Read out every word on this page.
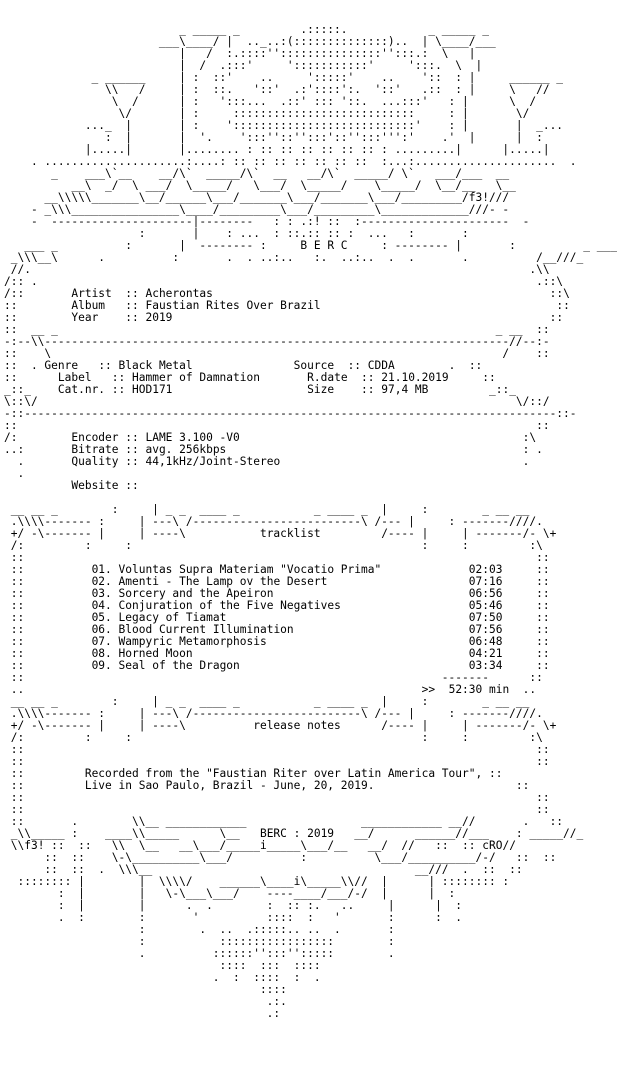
_ _____ _         .:::::.            _ _____ _
___\____/ |  .._..:(::::::::::::::)..  | \____/___
|   /  :.::::'':::::::::::::::'':::.:  \   |
|  /  .:::'     ':::::::::::'     ':::.  \  |
_ ______     | :  ::'    ..     ':::::'    ..    '::  : |     ______ _
\\   /     | :  ::.   '::'  .:'::::':.  '::'   .::  : |     \   //
\  /      | :   ':::...  .::' ::: '::.  ...:::'   : |      \  /
\/       | :     :::::::::::::::::::::::::::     : |       \/
..._  |       | :    ':::::::::::::::::::::::::::'    : |       |  _...
:  |       |  '.    ':::''::'':::'::'':::''':'    .'  |      |  :
|.....|       |........ : :: :: :: :: :: :: : .........|      |.....|
. .....................:....: :: :: :: :: :: :: ::  :...:.....................  .
_    ___\`__    __/\`  _____/\`  __   __/\`  _____/ \`   ___/___  __
__\  _/  \ ___/  \_____/   \___/  \_____/    \_____/  \__/__   \__
__\\\\\_______\__/______\___/_______\___/_______\___/_________/f3!///
- _\\\________________\____/_________\___/_________\_____________///- -
-  ---------------------|--------   : : .:! ::  :----------------------  -
:       |    : ...  : ::.:: :: :  ...   :       :
___ _          :       |  -------- :     B E R C     : -------- |       :          _ ___
_\\\__\      .          :       .  . ..:..   :.  ..:..  .  .       .          /__///_
//.                                                                          .\\
/:: .                                                                          .::\
/::       Artist  :: Acherontas                                                  ::\
::        Album   :: Faustian Rites Over Brazil                                   ::
::        Year    :: 2019                                                        ::
::  __ _                                                                 _ __  ::
-:--\\---------------------------------------------------------------------//--:-
::    \                                                                   /    ::
::  . Genre   :: Black Metal	Source  :: CDDA        .  ::
::      Label   :: Hammer of Damnation	R.date  :: 21.10.2019     ::
_::_    Cat.nr. :: HOD171	Size    :: 97,4 MB         _::_
\::\/                                                                       \/::/
-::-------------------------------------------------------------------------------::-
::                                                                             ::
/:        Encoder :: LAME 3.100 -V0                                          :\
..:       Bitrate :: avg. 256kbps                                            : .
.       Quality :: 44,1kHz/Joint-Stereo                                    .
.
Website ::

__ __ _        :     | _ _  ____ _           _ ____ _  |     :        _ __ __
.\\\\------- :     | ---\ /-------------------------\ /--- |     : -------////.
+/ -\------- |     | ----\           tracklist         /---- |     | -------/- \+
/:         :     :                                           :     :         :\
::                                                                            ::
::          01. Voluntas Supra Materiam "Vocatio Prima"	02:03     ::
::          02. Amenti - The Lamp ov the Desert	07:16     ::
::          03. Sorcery and the Apeiron	06:56     ::
::          04. Conjuration of the Five Negatives	05:46     ::
::          05. Legacy of Tiamat	07:50     ::
::          06. Blood Current Illumination	07:56     ::
::          07. Wampyric Metamorphosis	06:48     ::
::          08. Horned Moon	04:21     ::
::          09. Seal of the Dragon	03:34     ::
::                                                              -------      ::
..                                                           >> 52:30 min  ..
__ __ _        :     | _ _  ____ _           _ ____ _  |     :        _ __ __
.\\\\------- :     | ---\ /-------------------------\ /--- |     : -------////.
+/ -\------- |     | ----\          release notes      /---- |     | -------/- \+
/:         :     :                                           :     :         :\
::                                                                            ::
::                                                                            ::
::         Recorded from the "Faustian Riter over Latin America Tour", ::
::         Live in Sao Paulo, Brazil - June, 20, 2019.                     ::
::                                                                            ::
::                                                                            ::
::       .        \\__ ____________                 ____________ __//       .   ::
_\\_____ :    ____\\_____      \__   BERC : 2019   __/      ______//___    : _____//_
\\f3! ::  ::   \\  \__   __\___/_____i_____\___/__   __/  //   ::  :: cRO//
::  ::    \-\__________\___/          :          \___/__________/-/   ::  ::
::  ::  .  \\\__                                       __///  .  ::  ::
:::::::: |        |  \\\\/    ______\____i\_____\\//  |      | :::::::: :
:  |        |   \-\___\___/    ----____/___/-/  |      |  :
:  |        |      .  .        :  :: :.   ..     |      |  :
.  :        :       '          ::::  :   '       :      :  .
:        .  ..  .:::::.. ..  .       :
:           :::::::::::::::::        :
.          ::::::'':::'':::::        .
::::  :::  ::::
.  :  ::::  :  .
::::
.:.
.:
